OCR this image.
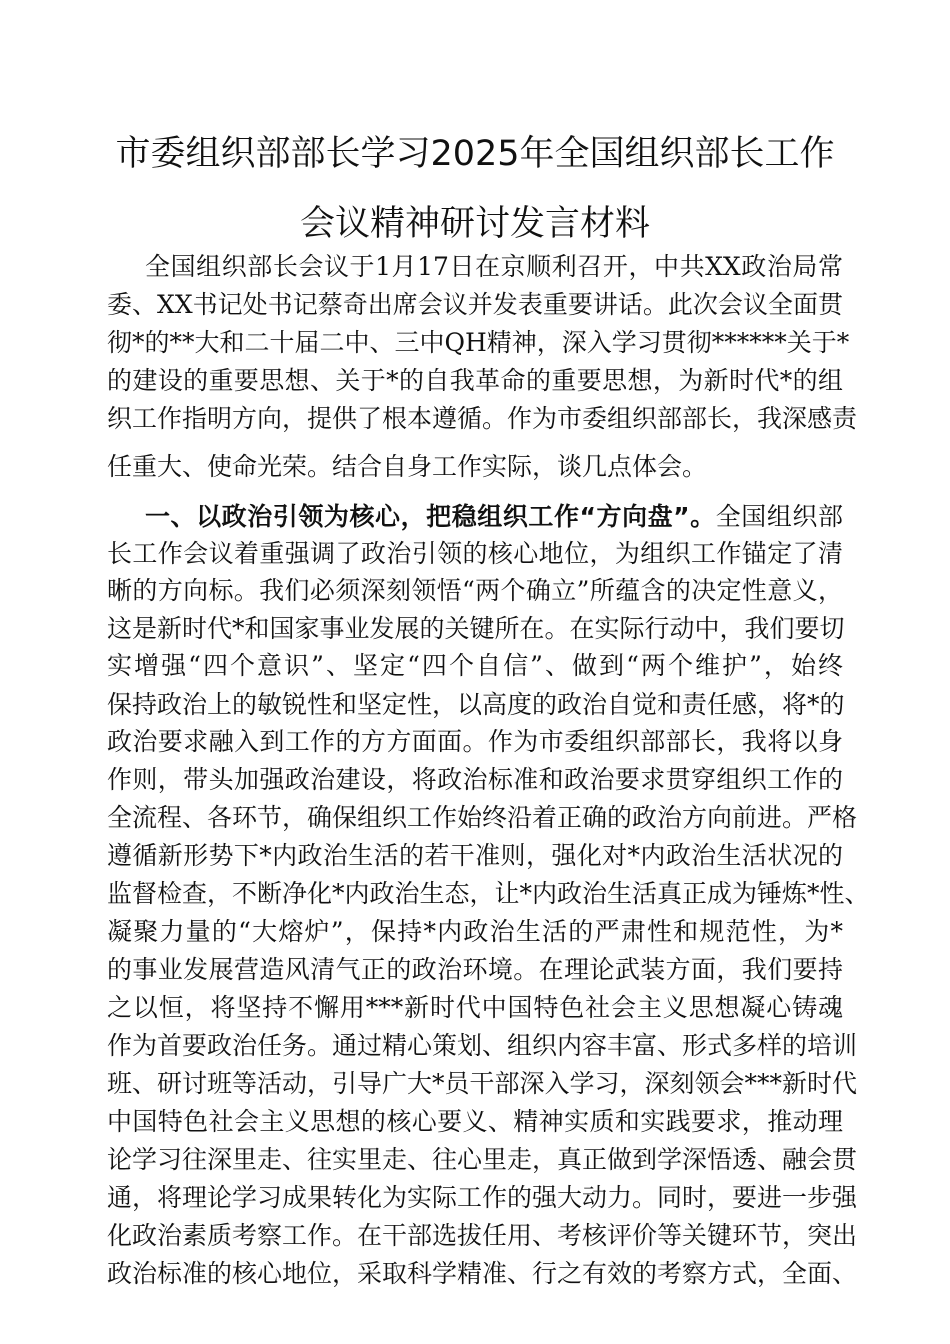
市委组织部部长学习2025年全国组织部长工作
会议精神研讨发言材料
全国组织部长会议于1月17日在京顺利召开，中共XX政治局常
委、XX书记处书记蔡奇出席会议并发表重要讲话。此次会议全面贯
彻*的**大和二十届二中、三中QH精神，深入学习贯彻******关于*
的建设的重要思想、关于*的自我革命的重要思想，为新时代*的组
织工作指明方向，提供了根本遵循。作为市委组织部部长，我深感责
任重大、使命光荣。结合自身工作实际，谈几点体会。
一、以政治引领为核心，把稳组织工作“方向盘”。全国组织部
长工作会议着重强调了政治引领的核心地位，为组织工作锚定了清
晰的方向标。我们必须深刻领悟“两个确立”所蕴含的决定性意义，
这是新时代*和国家事业发展的关键所在。在实际行动中，我们要切
实增强“四个意识”、坚定“四个自信”、做到“两个维护”，始终
保持政治上的敏锐性和坚定性，以高度的政治自觉和责任感，将*的
政治要求融入到工作的方方面面。作为市委组织部部长，我将以身
作则，带头加强政治建设，将政治标准和政治要求贯穿组织工作的
全流程、各环节，确保组织工作始终沿着正确的政治方向前进。严格
遵循新形势下*内政治生活的若干准则，强化对*内政治生活状况的
监督检查，不断净化*内政治生态，让*内政治生活真正成为锤炼*性、
凝聚力量的“大熔炉”，保持*内政治生活的严肃性和规范性，为*
的事业发展营造风清气正的政治环境。在理论武装方面，我们要持
之以恒，将坚持不懈用***新时代中国特色社会主义思想凝心铸魂
作为首要政治任务。通过精心策划、组织内容丰富、形式多样的培训
班、研讨班等活动，引导广大*员干部深入学习，深刻领会***新时代
中国特色社会主义思想的核心要义、精神实质和实践要求，推动理
论学习往深里走、往实里走、往心里走，真正做到学深悟透、融会贯
通，将理论学习成果转化为实际工作的强大动力。同时，要进一步强
化政治素质考察工作。在干部选拔任用、考核评价等关键环节，突出
政治标准的核心地位，采取科学精准、行之有效的考察方式，全面、
